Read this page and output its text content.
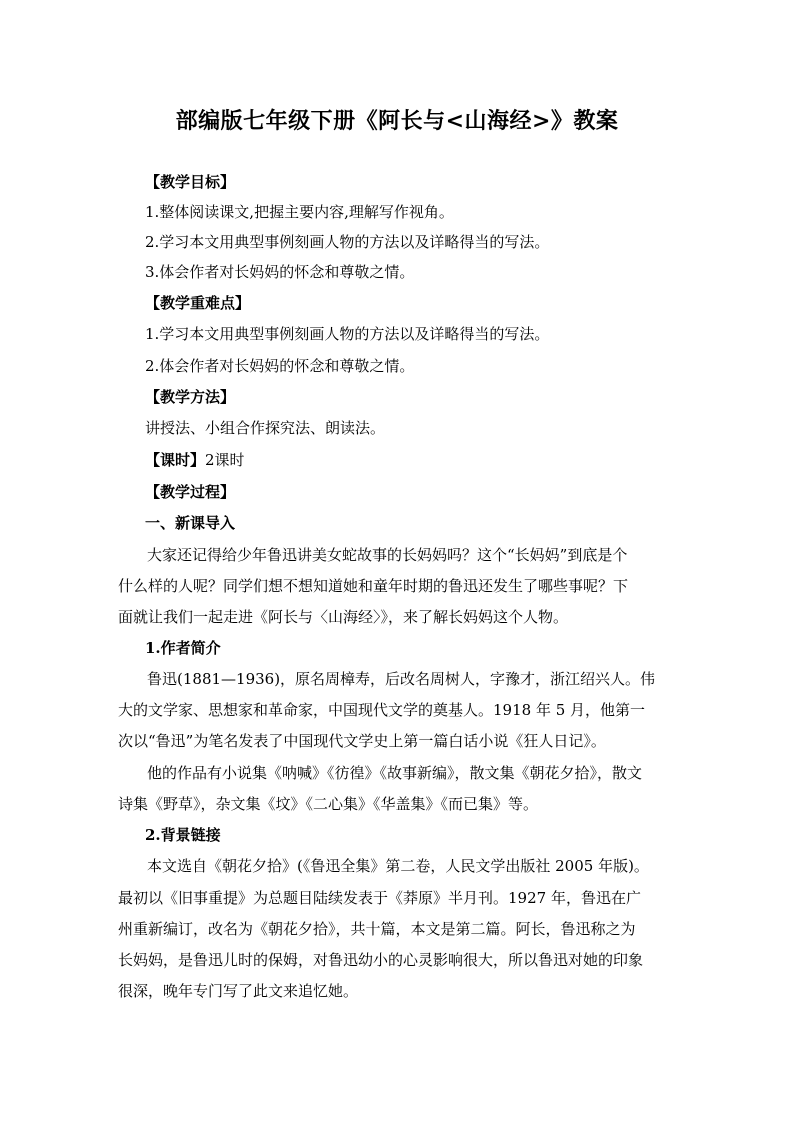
部编版七年级下册《阿长与<山海经>》教案
【教学目标】
1.整体阅读课文,把握主要内容,理解写作视角。
2.学习本文用典型事例刻画人物的方法以及详略得当的写法。
3.体会作者对长妈妈的怀念和尊敬之情。
【教学重难点】
1.学习本文用典型事例刻画人物的方法以及详略得当的写法。
2.体会作者对长妈妈的怀念和尊敬之情。
【教学方法】
讲授法、小组合作探究法、朗读法。
【课时】2课时
【教学过程】
一、新课导入
大家还记得给少年鲁迅讲美女蛇故事的长妈妈吗？这个“长妈妈”到底是个
什么样的人呢？同学们想不想知道她和童年时期的鲁迅还发生了哪些事呢？下
面就让我们一起走进《阿长与〈山海经〉》，来了解长妈妈这个人物。
1.作者简介
鲁迅(1881—1936)，原名周樟寿，后改名周树人，字豫才，浙江绍兴人。伟
大的文学家、思想家和革命家，中国现代文学的奠基人。1918 年 5 月，他第一
次以“鲁迅”为笔名发表了中国现代文学史上第一篇白话小说《狂人日记》。
他的作品有小说集《呐喊》《彷徨》《故事新编》，散文集《朝花夕拾》，散文
诗集《野草》，杂文集《坟》《二心集》《华盖集》《而已集》等。
2.背景链接
本文选自《朝花夕拾》(《鲁迅全集》第二卷，人民文学出版社 2005 年版)。
最初以《旧事重提》为总题目陆续发表于《莽原》半月刊。1927 年，鲁迅在广
州重新编订，改名为《朝花夕拾》，共十篇，本文是第二篇。阿长，鲁迅称之为
长妈妈，是鲁迅儿时的保姆，对鲁迅幼小的心灵影响很大，所以鲁迅对她的印象
很深，晚年专门写了此文来追忆她。
